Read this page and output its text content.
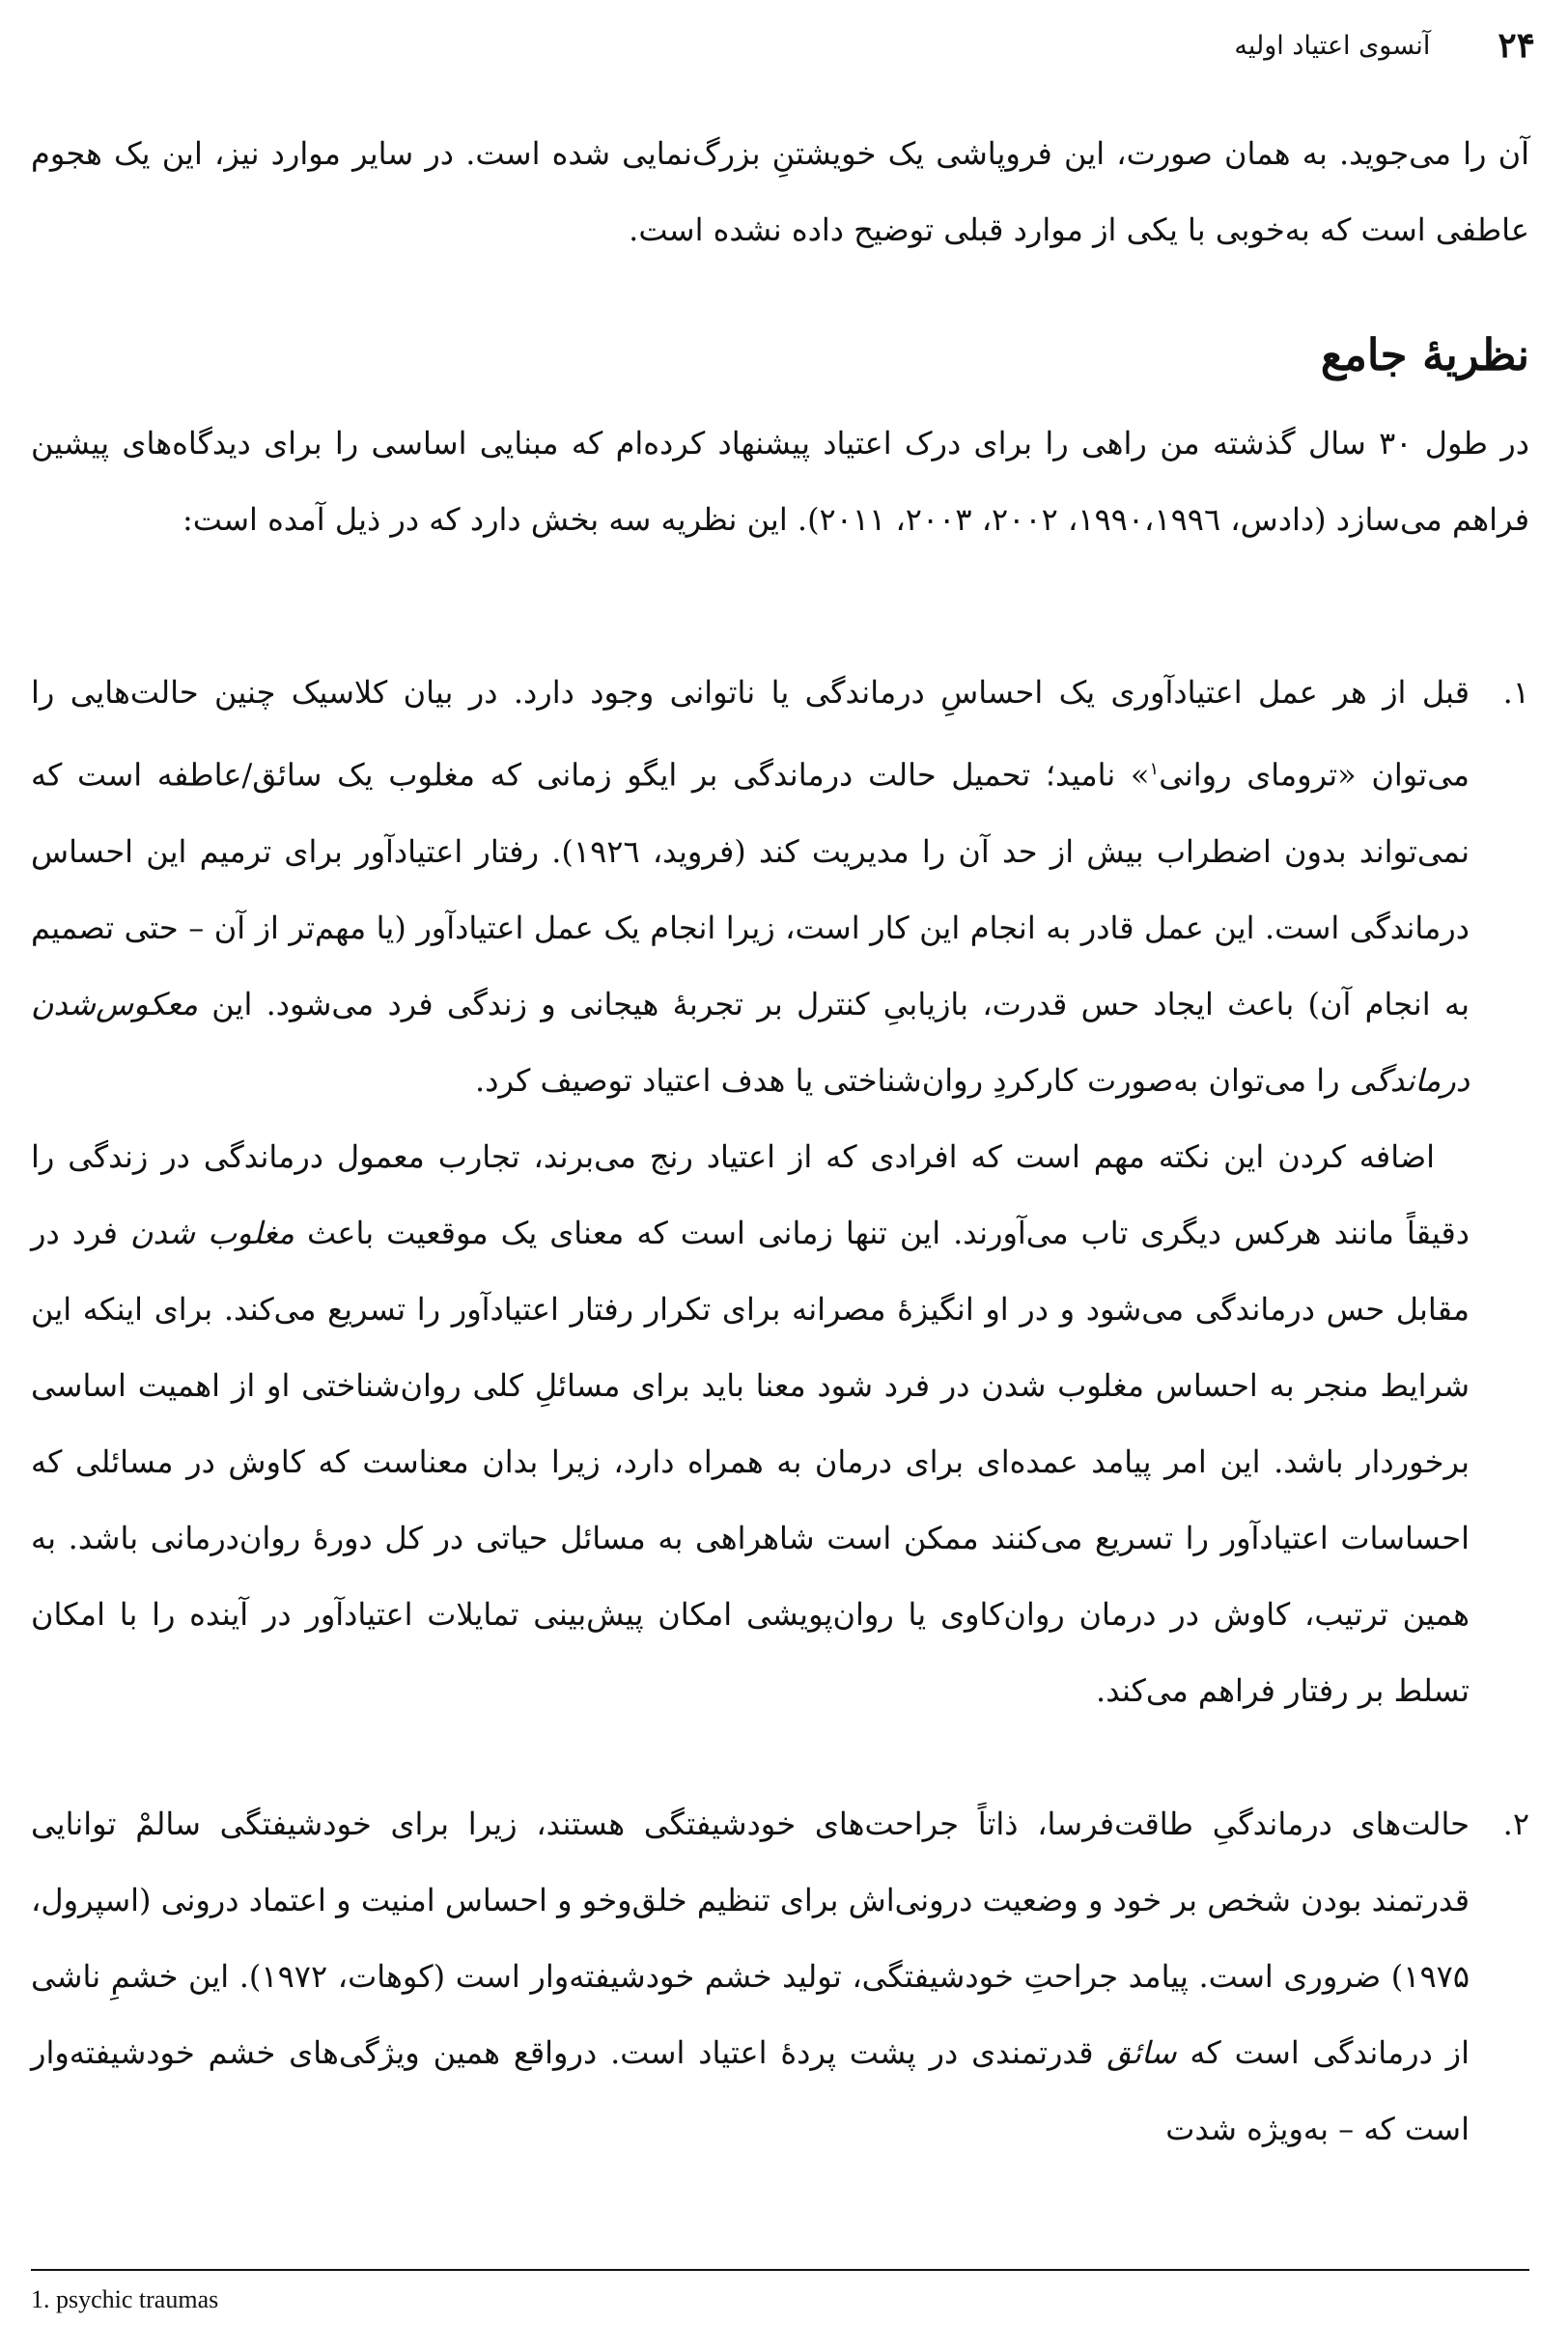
۲۴
آنسوی اعتیاد اولیه
آن را می‌جوید. به همان صورت، این فروپاشی یک خویشتنِ بزرگ‌نمایی شده است. در سایر موارد نیز، این یک هجوم عاطفی است که به‌خوبی با یکی از موارد قبلی توضیح داده نشده است.
نظریهٔ جامع
در طول ۳۰ سال گذشته من راهی را برای درک اعتیاد پیشنهاد کرده‌ام که مبنایی اساسی را برای دیدگاه‌های پیشین فراهم می‌سازد (دادس، ۱۹۹۰،۱۹۹٦، ۲۰۰۲، ۲۰۰۳، ۲۰۱۱). این نظریه سه بخش دارد که در ذیل آمده است:
۱.

قبل از هر عمل اعتیادآوری یک احساسِ درماندگی یا ناتوانی وجود دارد. در بیان کلاسیک چنین حالت‌هایی را می‌توان «ترومای روانی$^۱$» نامید؛ تحمیل حالت درماندگی بر ایگو زمانی که مغلوب یک سائق/عاطفه است که نمی‌تواند بدون اضطراب بیش از حد آن را مدیریت کند (فروید، ۱۹۲٦). رفتار اعتیادآور برای ترمیم این احساس درماندگی است. این عمل قادر به انجام این کار است، زیرا انجام یک عمل اعتیادآور (یا مهم‌تر از آن – حتی تصمیم به انجام آن) باعث ایجاد حس قدرت، بازیابیِ کنترل بر تجربهٔ هیجانی و زندگی فرد می‌شود. این معکوس‌شدن درماندگی را می‌توان به‌صورت کارکردِ روان‌شناختی یا هدف اعتیاد توصیف کرد.

اضافه کردن این نکته مهم است که افرادی که از اعتیاد رنج می‌برند، تجارب معمول درماندگی در زندگی را دقیقاً مانند هرکس دیگری تاب می‌آورند. این تنها زمانی است که معنای یک موقعیت باعث مغلوب شدن فرد در مقابل حس درماندگی می‌شود و در او انگیزهٔ مصرانه برای تکرار رفتار اعتیادآور را تسریع می‌کند. برای اینکه این شرایط منجر به احساس مغلوب شدن در فرد شود معنا باید برای مسائلِ کلی روان‌شناختی او از اهمیت اساسی برخوردار باشد. این امر پیامد عمده‌ای برای درمان به همراه دارد، زیرا بدان معناست که کاوش در مسائلی که احساسات اعتیادآور را تسریع می‌کنند ممکن است شاهراهی به مسائل حیاتی در کل دورهٔ روان‌درمانی باشد. به همین ترتیب، کاوش در درمان روان‌کاوی یا روان‌پویشی امکان پیش‌بینی تمایلات اعتیادآور در آینده را با امکان تسلط بر رفتار فراهم می‌کند.

۲.

حالت‌های درماندگیِ طاقت‌فرسا، ذاتاً جراحت‌های خودشیفتگی هستند، زیرا برای خودشیفتگی سالمْ توانایی قدرتمند بودن شخص بر خود و وضعیت درونی‌اش برای تنظیم خلق‌وخو و احساس امنیت و اعتماد درونی (اسپرول، ۱۹۷۵) ضروری است. پیامد جراحتِ خودشیفتگی، تولید خشم خودشیفته‌وار است (کوهات، ۱۹۷۲). این خشمِ ناشی از درماندگی است که سائق قدرتمندی در پشت پردهٔ اعتیاد است. درواقع همین ویژگی‌های خشم خودشیفته‌وار است که – به‌ویژه شدت

1. psychic traumas
